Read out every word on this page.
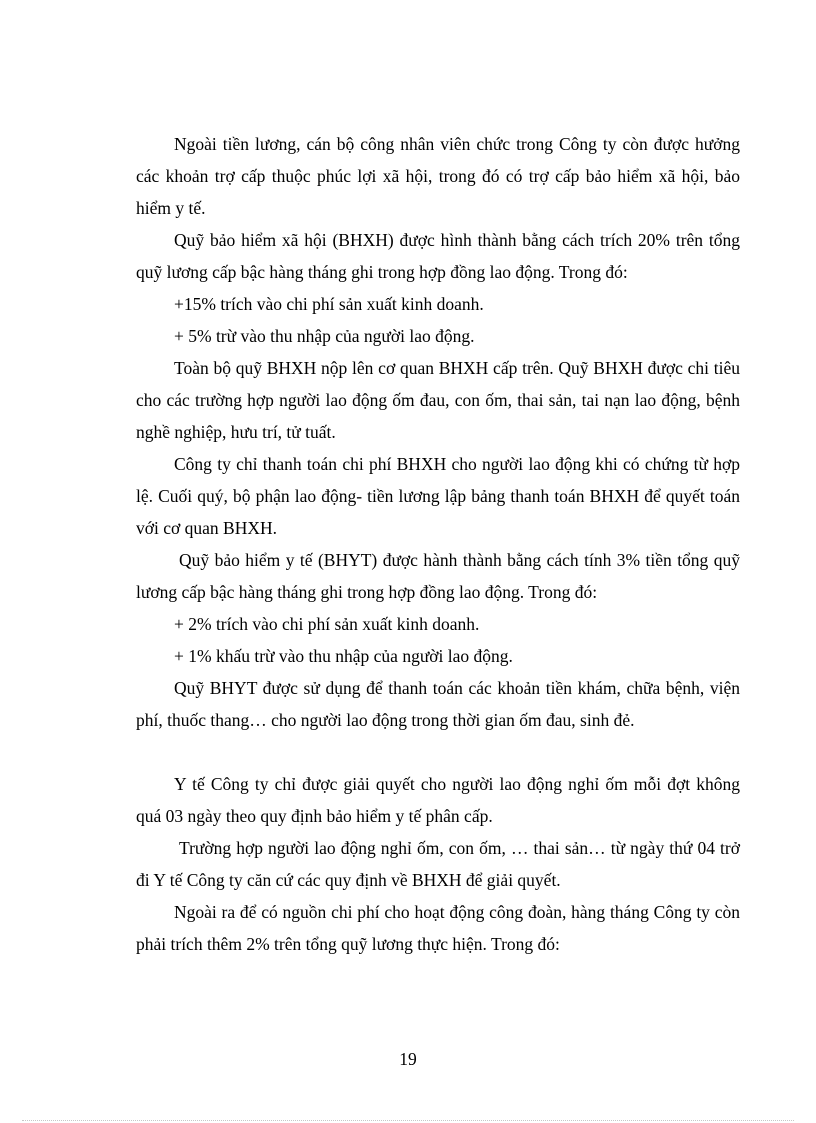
Ngoài tiền lương, cán bộ công nhân viên chức trong Công ty còn được hưởng các khoản trợ cấp thuộc phúc lợi xã hội, trong đó có trợ cấp bảo hiểm xã hội, bảo hiểm y tế.

Quỹ bảo hiểm xã hội (BHXH) được hình thành bằng cách trích 20% trên tổng quỹ lương cấp bậc hàng tháng ghi trong hợp đồng lao động. Trong đó:

+15% trích vào chi phí sản xuất kinh doanh.

+ 5% trừ vào thu nhập của người lao động.

Toàn bộ quỹ BHXH nộp lên cơ quan BHXH cấp trên. Quỹ BHXH được chi tiêu cho các trường hợp người lao động ốm đau, con ốm, thai sản, tai nạn lao động, bệnh nghề nghiệp, hưu trí, tử tuất.

Công ty chỉ thanh toán chi phí BHXH cho người lao động khi có chứng từ hợp lệ. Cuối quý, bộ phận lao động- tiền lương lập bảng thanh toán BHXH để quyết toán với cơ quan BHXH.

Quỹ bảo hiểm y tế (BHYT) được hành thành bằng cách tính 3% tiền tổng quỹ lương cấp bậc hàng tháng ghi trong hợp đồng lao động. Trong đó:

+ 2% trích vào chi phí sản xuất kinh doanh.

+ 1% khấu trừ vào thu nhập của người lao động.

Quỹ BHYT được sử dụng để thanh toán các khoản tiền khám, chữa bệnh, viện phí, thuốc thang… cho người lao động trong thời gian ốm đau, sinh đẻ.

Y tế Công ty chỉ được giải quyết cho người lao động nghỉ ốm mỗi đợt không quá 03 ngày theo quy định bảo hiểm y tế phân cấp.

Trường hợp người lao động nghỉ ốm, con ốm, … thai sản… từ ngày thứ 04 trở đi Y tế Công ty căn cứ các quy định về BHXH để giải quyết.

Ngoài ra để có nguồn chi phí cho hoạt động công đoàn, hàng tháng Công ty còn phải trích thêm 2% trên tổng quỹ lương thực hiện. Trong đó:

19
